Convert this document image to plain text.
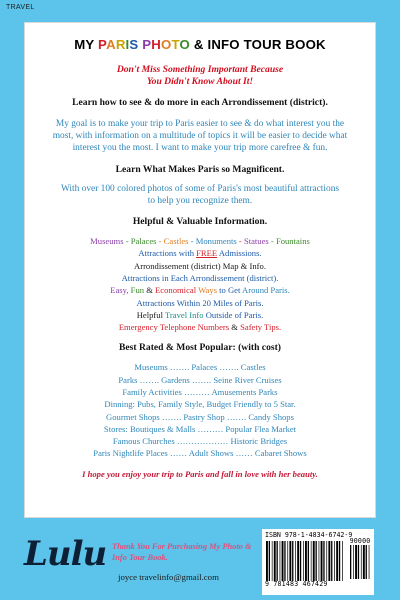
TRAVEL
MY PARIS PHOTO & INFO TOUR BOOK
Don't Miss Something Important Because
You Didn't Know About It!

Learn how to see & do more in each Arrondissement (district).

My goal is to make your trip to Paris easier to see & do what interest you the most, with information on a multitude of topics it will be easier to decide what interest you the most. I want to make your trip more carefree & fun.

Learn What Makes Paris so Magnificent.

With over 100 colored photos of some of Paris's most beautiful attractions to help you recognize them.

Helpful & Valuable Information.

Museums - Palaces - Castles - Monuments - Statues - Fountains
Attractions with FREE Admissions.
Arrondissement (district) Map & Info.
Attractions in Each Arrondissement (district).
Easy, Fun & Economical Ways to Get Around Paris.
Attractions Within 20 Miles of Paris.
Helpful Travel Info Outside of Paris.
Emergency Telephone Numbers & Safety Tips.

Best Rated & Most Popular: (with cost)

Museums ……. Palaces ……. Castles
Parks ……. Gardens ……. Seine River Cruises
Family Activities ……… Amusements Parks
Dinning: Pubs, Family Style, Budget Friendly to 5 Star.
Gourmet Shops ……. Pastry Shop ……. Candy Shops
Stores: Boutiques & Malls ……… Popular Flea Market
Famous Churches ……………… Historic Bridges
Paris Nightlife Places …… Adult Shows …… Cabaret Shows

I hope you enjoy your trip to Paris and fall in love with her beauty.

Lulu Thank You For Purchasing My Photo & Info Tour Book.
joyce travelinfo@gmail.com
ISBN 978-1-4834-6742-9
90000
9 781483 467429
